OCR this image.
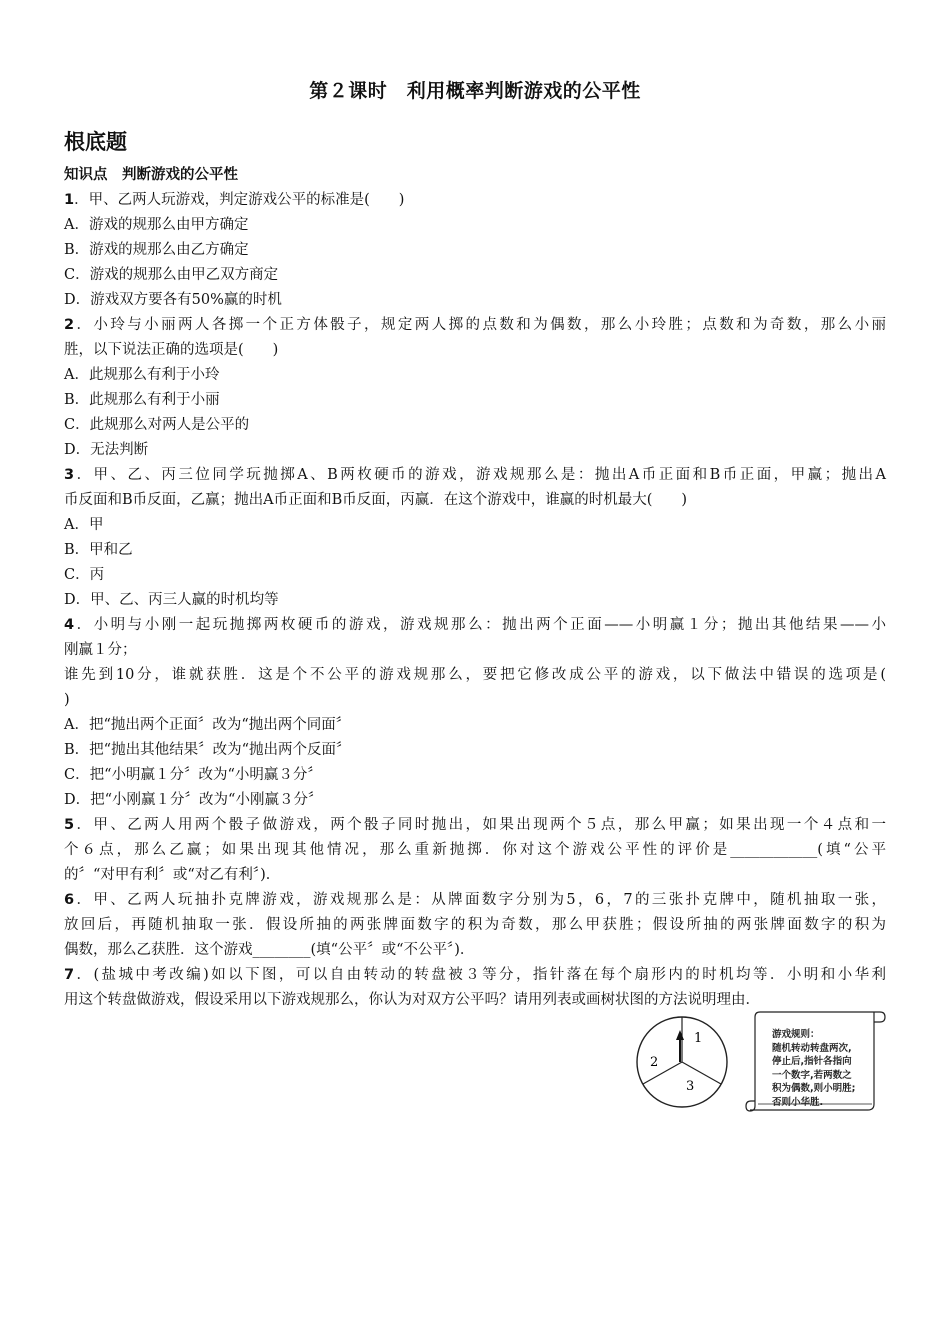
第２课时　利用概率判断游戏的公平性
根底题
知识点　判断游戏的公平性
1．甲、乙两人玩游戏，判定游戏公平的标准是(　　)
A．游戏的规那么由甲方确定
B．游戏的规那么由乙方确定
C．游戏的规那么由甲乙双方商定
D．游戏双方要各有50%赢的时机
2．小玲与小丽两人各掷一个正方体骰子，规定两人掷的点数和为偶数，那么小玲胜；点数和为奇数，那么小丽
胜，以下说法正确的选项是(　　)
A．此规那么有利于小玲
B．此规那么有利于小丽
C．此规那么对两人是公平的
D．无法判断
3．甲、乙、丙三位同学玩抛掷A、B两枚硬币的游戏，游戏规那么是：抛出A币正面和B币正面，甲赢；抛出A
币反面和B币反面，乙赢；抛出A币正面和B币反面，丙赢．在这个游戏中，谁赢的时机最大(　　)
A．甲
B．甲和乙
C．丙
D．甲、乙、丙三人赢的时机均等
4．小明与小刚一起玩抛掷两枚硬币的游戏，游戏规那么：抛出两个正面——小明赢１分；抛出其他结果——小
刚赢１分；
谁先到10分，谁就获胜．这是个不公平的游戏规那么，要把它修改成公平的游戏，以下做法中错误的选项是(
)
A．把“抛出两个正面〞改为“抛出两个同面〞
B．把“抛出其他结果〞改为“抛出两个反面〞
C．把“小明赢１分〞改为“小明赢３分〞
D．把“小刚赢１分〞改为“小刚赢３分〞
5．甲、乙两人用两个骰子做游戏，两个骰子同时抛出，如果出现两个５点，那么甲赢；如果出现一个４点和一
个６点，那么乙赢；如果出现其他情况，那么重新抛掷．你对这个游戏公平性的评价是____________(填“公平
的〞“对甲有利〞或“对乙有利〞)．
6．甲、乙两人玩抽扑克牌游戏，游戏规那么是：从牌面数字分别为5，6，7的三张扑克牌中，随机抽取一张，
放回后，再随机抽取一张．假设所抽的两张牌面数字的积为奇数，那么甲获胜；假设所抽的两张牌面数字的积为
偶数，那么乙获胜．这个游戏________(填“公平〞或“不公平〞)．
7．(盐城中考改编)如以下图，可以自由转动的转盘被３等分，指针落在每个扇形内的时机均等．小明和小华利
用这个转盘做游戏，假设采用以下游戏规那么，你认为对双方公平吗？请用列表或画树状图的方法说明理由．
1
2
3
游戏规则：
随机转动转盘两次,
停止后,指针各指向
一个数字,若两数之
积为偶数,则小明胜;
否则小华胜.
